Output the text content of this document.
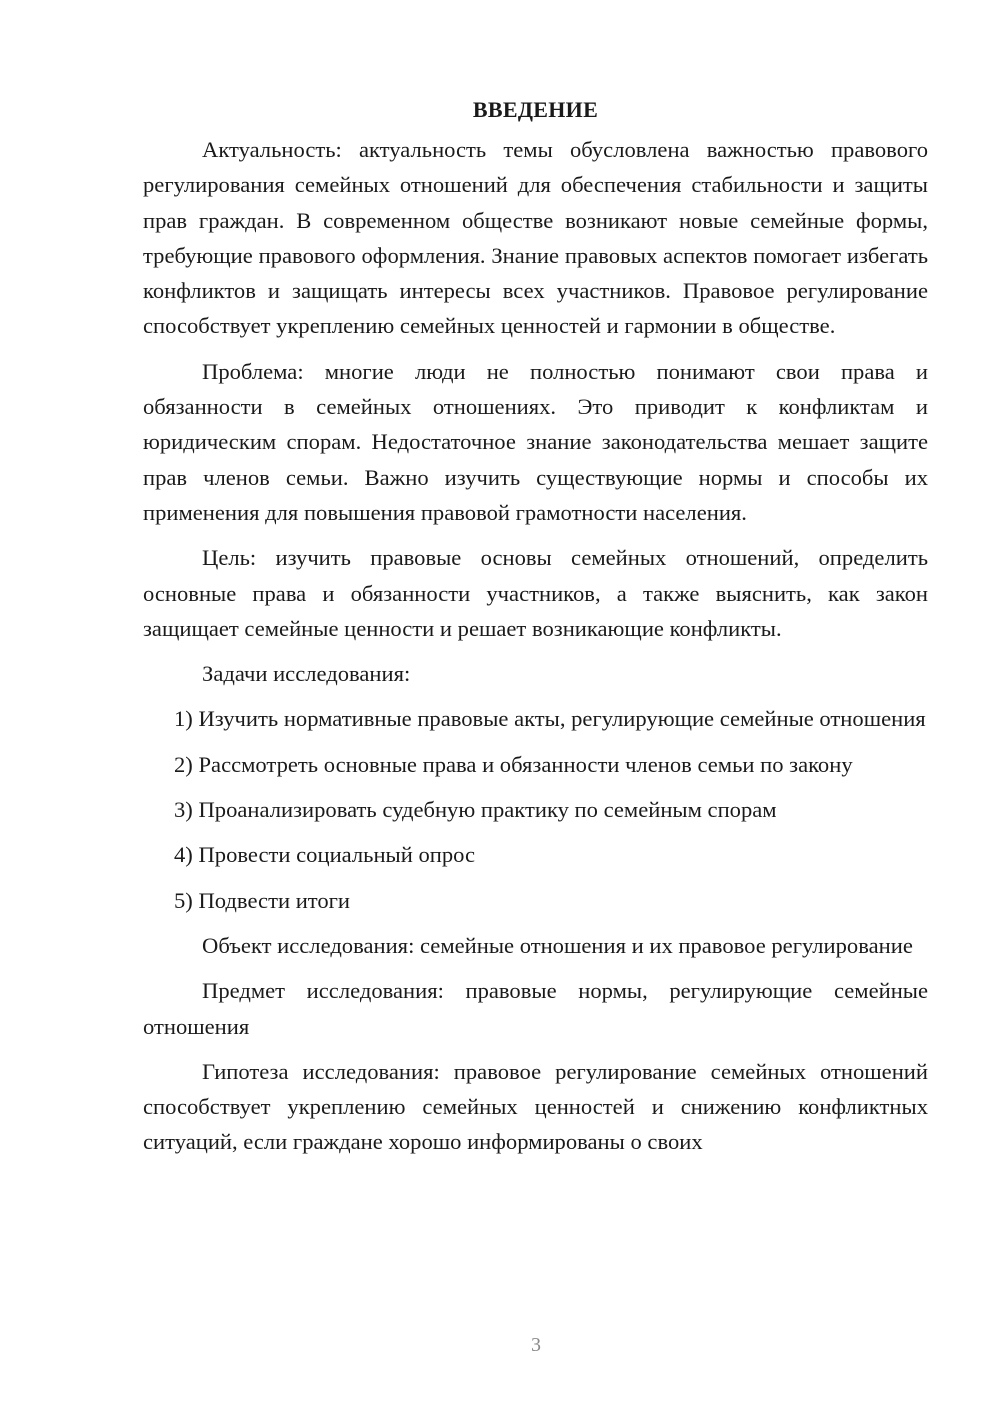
ВВЕДЕНИЕ

Актуальность: актуальность темы обусловлена важностью правового регулирования семейных отношений для обеспечения стабильности и защиты прав граждан. В современном обществе возникают новые семейные формы, требующие правового оформления. Знание правовых аспектов помогает избегать конфликтов и защищать интересы всех участников. Правовое регулирование способствует укреплению семейных ценностей и гармонии в обществе.

Проблема: многие люди не полностью понимают свои права и обязанности в семейных отношениях. Это приводит к конфликтам и юридическим спорам. Недостаточное знание законодательства мешает защите прав членов семьи. Важно изучить существующие нормы и способы их применения для повышения правовой грамотности населения.

Цель: изучить правовые основы семейных отношений, определить основные права и обязанности участников, а также выяснить, как закон защищает семейные ценности и решает возникающие конфликты.

Задачи исследования:

1) Изучить нормативные правовые акты, регулирующие семейные отношения

2) Рассмотреть основные права и обязанности членов семьи по закону

3) Проанализировать судебную практику по семейным спорам

4) Провести социальный опрос

5) Подвести итоги

Объект исследования: семейные отношения и их правовое регулирование

Предмет исследования: правовые нормы, регулирующие семейные отношения

Гипотеза исследования: правовое регулирование семейных отношений способствует укреплению семейных ценностей и снижению конфликтных ситуаций, если граждане хорошо информированы о своих

3
